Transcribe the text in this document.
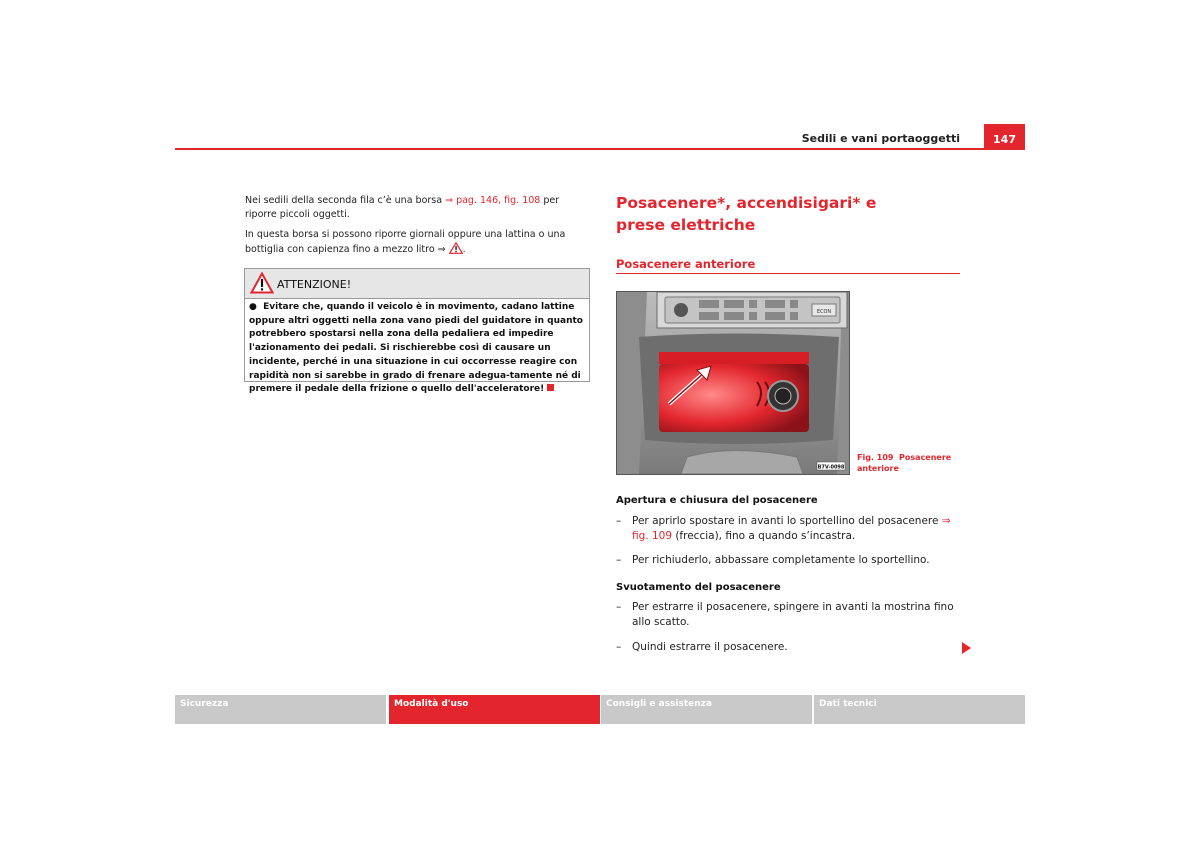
Sedili e vani portaoggetti	147
Nei sedili della seconda fila c’è una borsa ⇒ pag. 146, fig. 108 per riporre piccoli oggetti.
In questa borsa si possono riporre giornali oppure una lattina o una bottiglia con capienza fino a mezzo litro ⇒ .
ATTENZIONE!
● Evitare che, quando il veicolo è in movimento, cadano lattine oppure altri oggetti nella zona vano piedi del guidatore in quanto potrebbero spostarsi nella zona della pedaliera ed impedire l'azionamento dei pedali. Si rischierebbe così di causare un incidente, perché in una situazione in cui occorresse reagire con rapidità non si sarebbe in grado di frenare adegua-tamente né di premere il pedale della frizione o quello dell'acceleratore!
Posacenere*, accendisigari* e prese elettriche
Posacenere anteriore
ECON
B7V-0098
Fig. 109 Posacenere anteriore
Apertura e chiusura del posacenere
– Per aprirlo spostare in avanti lo sportellino del posacenere ⇒ fig. 109 (freccia), fino a quando s’incastra.
– Per richiuderlo, abbassare completamente lo sportellino.
Svuotamento del posacenere
– Per estrarre il posacenere, spingere in avanti la mostrina fino allo scatto.
– Quindi estrarre il posacenere.
Sicurezza	Modalità d'uso	Consigli e assistenza	Dati tecnici
